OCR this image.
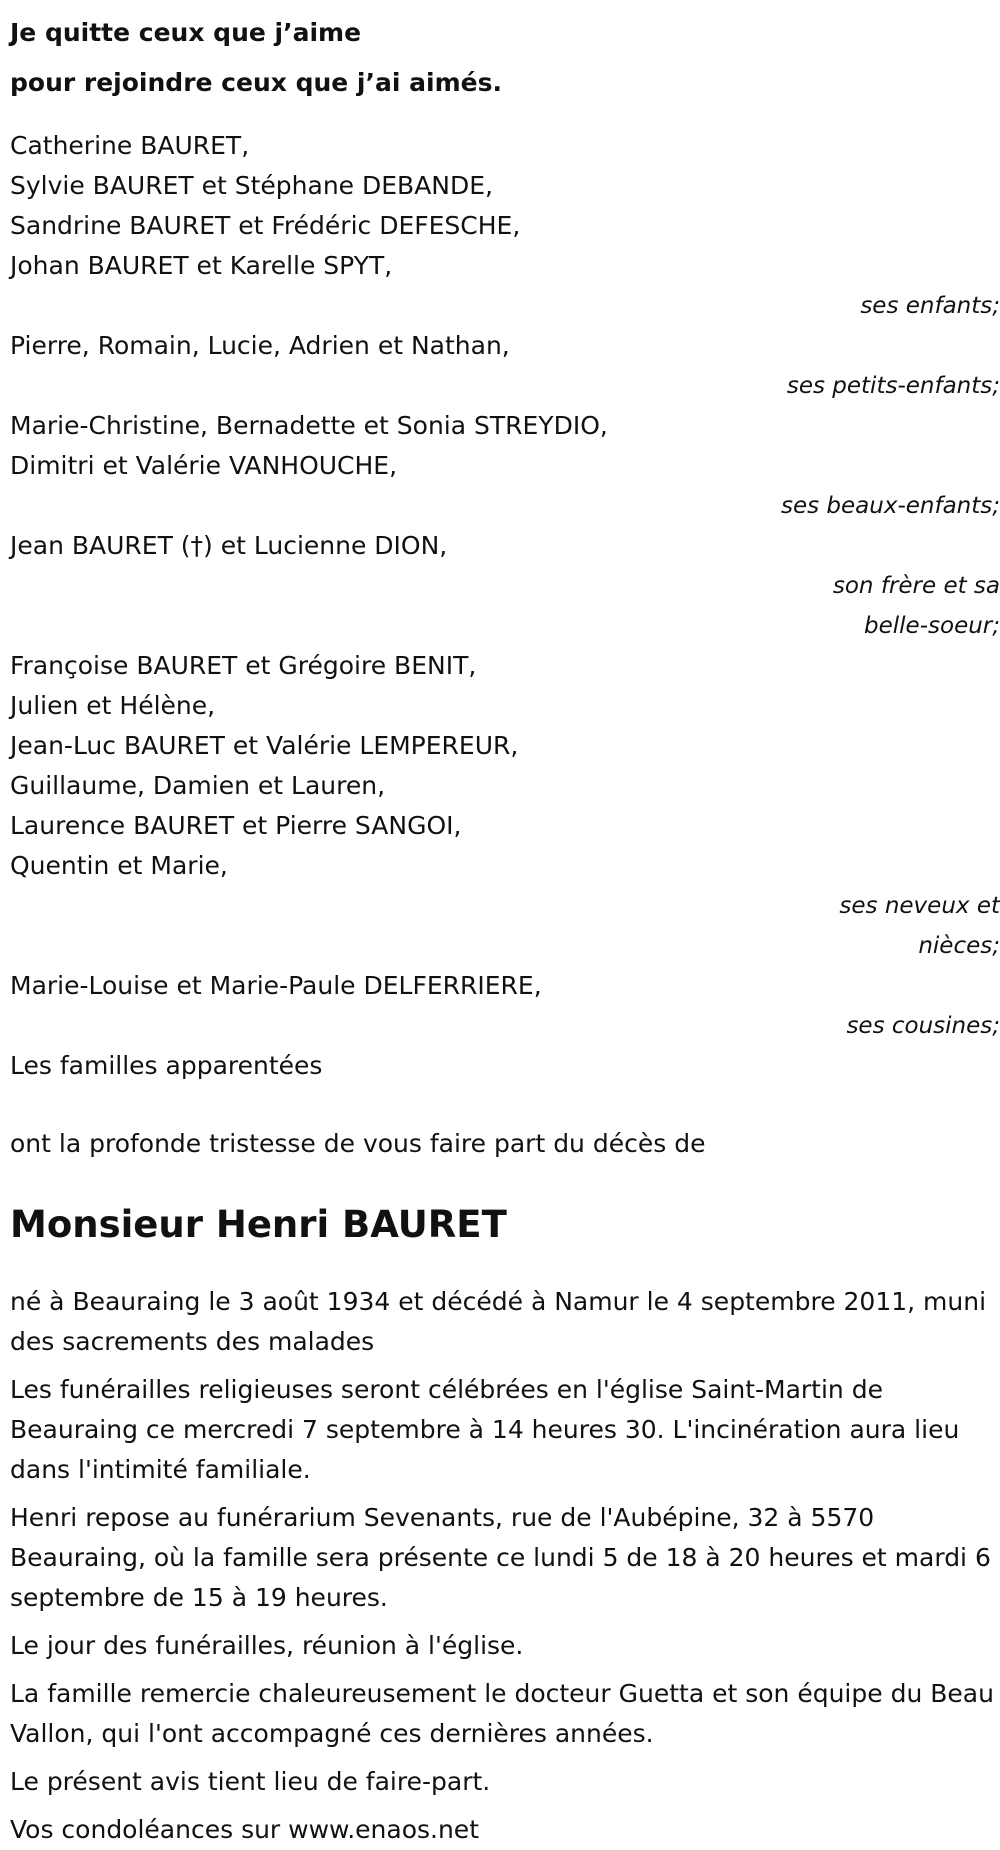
Je quitte ceux que j’aime
pour rejoindre ceux que j’ai aimés.
Catherine BAURET,
Sylvie BAURET et Stéphane DEBANDE,
Sandrine BAURET et Frédéric DEFESCHE,
Johan BAURET et Karelle SPYT,
ses enfants;
Pierre, Romain, Lucie, Adrien et Nathan,
ses petits-enfants;
Marie-Christine, Bernadette et Sonia STREYDIO,
Dimitri et Valérie VANHOUCHE,
ses beaux-enfants;
Jean BAURET (†) et Lucienne DION,
son frère et sa
belle-soeur;
Françoise BAURET et Grégoire BENIT,
Julien et Hélène,
Jean-Luc BAURET et Valérie LEMPEREUR,
Guillaume, Damien et Lauren,
Laurence BAURET et Pierre SANGOI,
Quentin et Marie,
ses neveux et
nièces;
Marie-Louise et Marie-Paule DELFERRIERE,
ses cousines;
Les familles apparentées
ont la profonde tristesse de vous faire part du décès de
Monsieur Henri BAURET
né à Beauraing le 3 août 1934 et décédé à Namur le 4 septembre 2011, muni des sacrements des malades
Les funérailles religieuses seront célébrées en l'église Saint-Martin de Beauraing ce mercredi 7 septembre à 14 heures 30. L'incinération aura lieu dans l'intimité familiale.
Henri repose au funérarium Sevenants, rue de l'Aubépine, 32 à 5570 Beauraing, où la famille sera présente ce lundi 5 de 18 à 20 heures et mardi 6 septembre de 15 à 19 heures.
Le jour des funérailles, réunion à l'église.
La famille remercie chaleureusement le docteur Guetta et son équipe du Beau Vallon, qui l'ont accompagné ces dernières années.
Le présent avis tient lieu de faire-part.
Vos condoléances sur www.enaos.net
